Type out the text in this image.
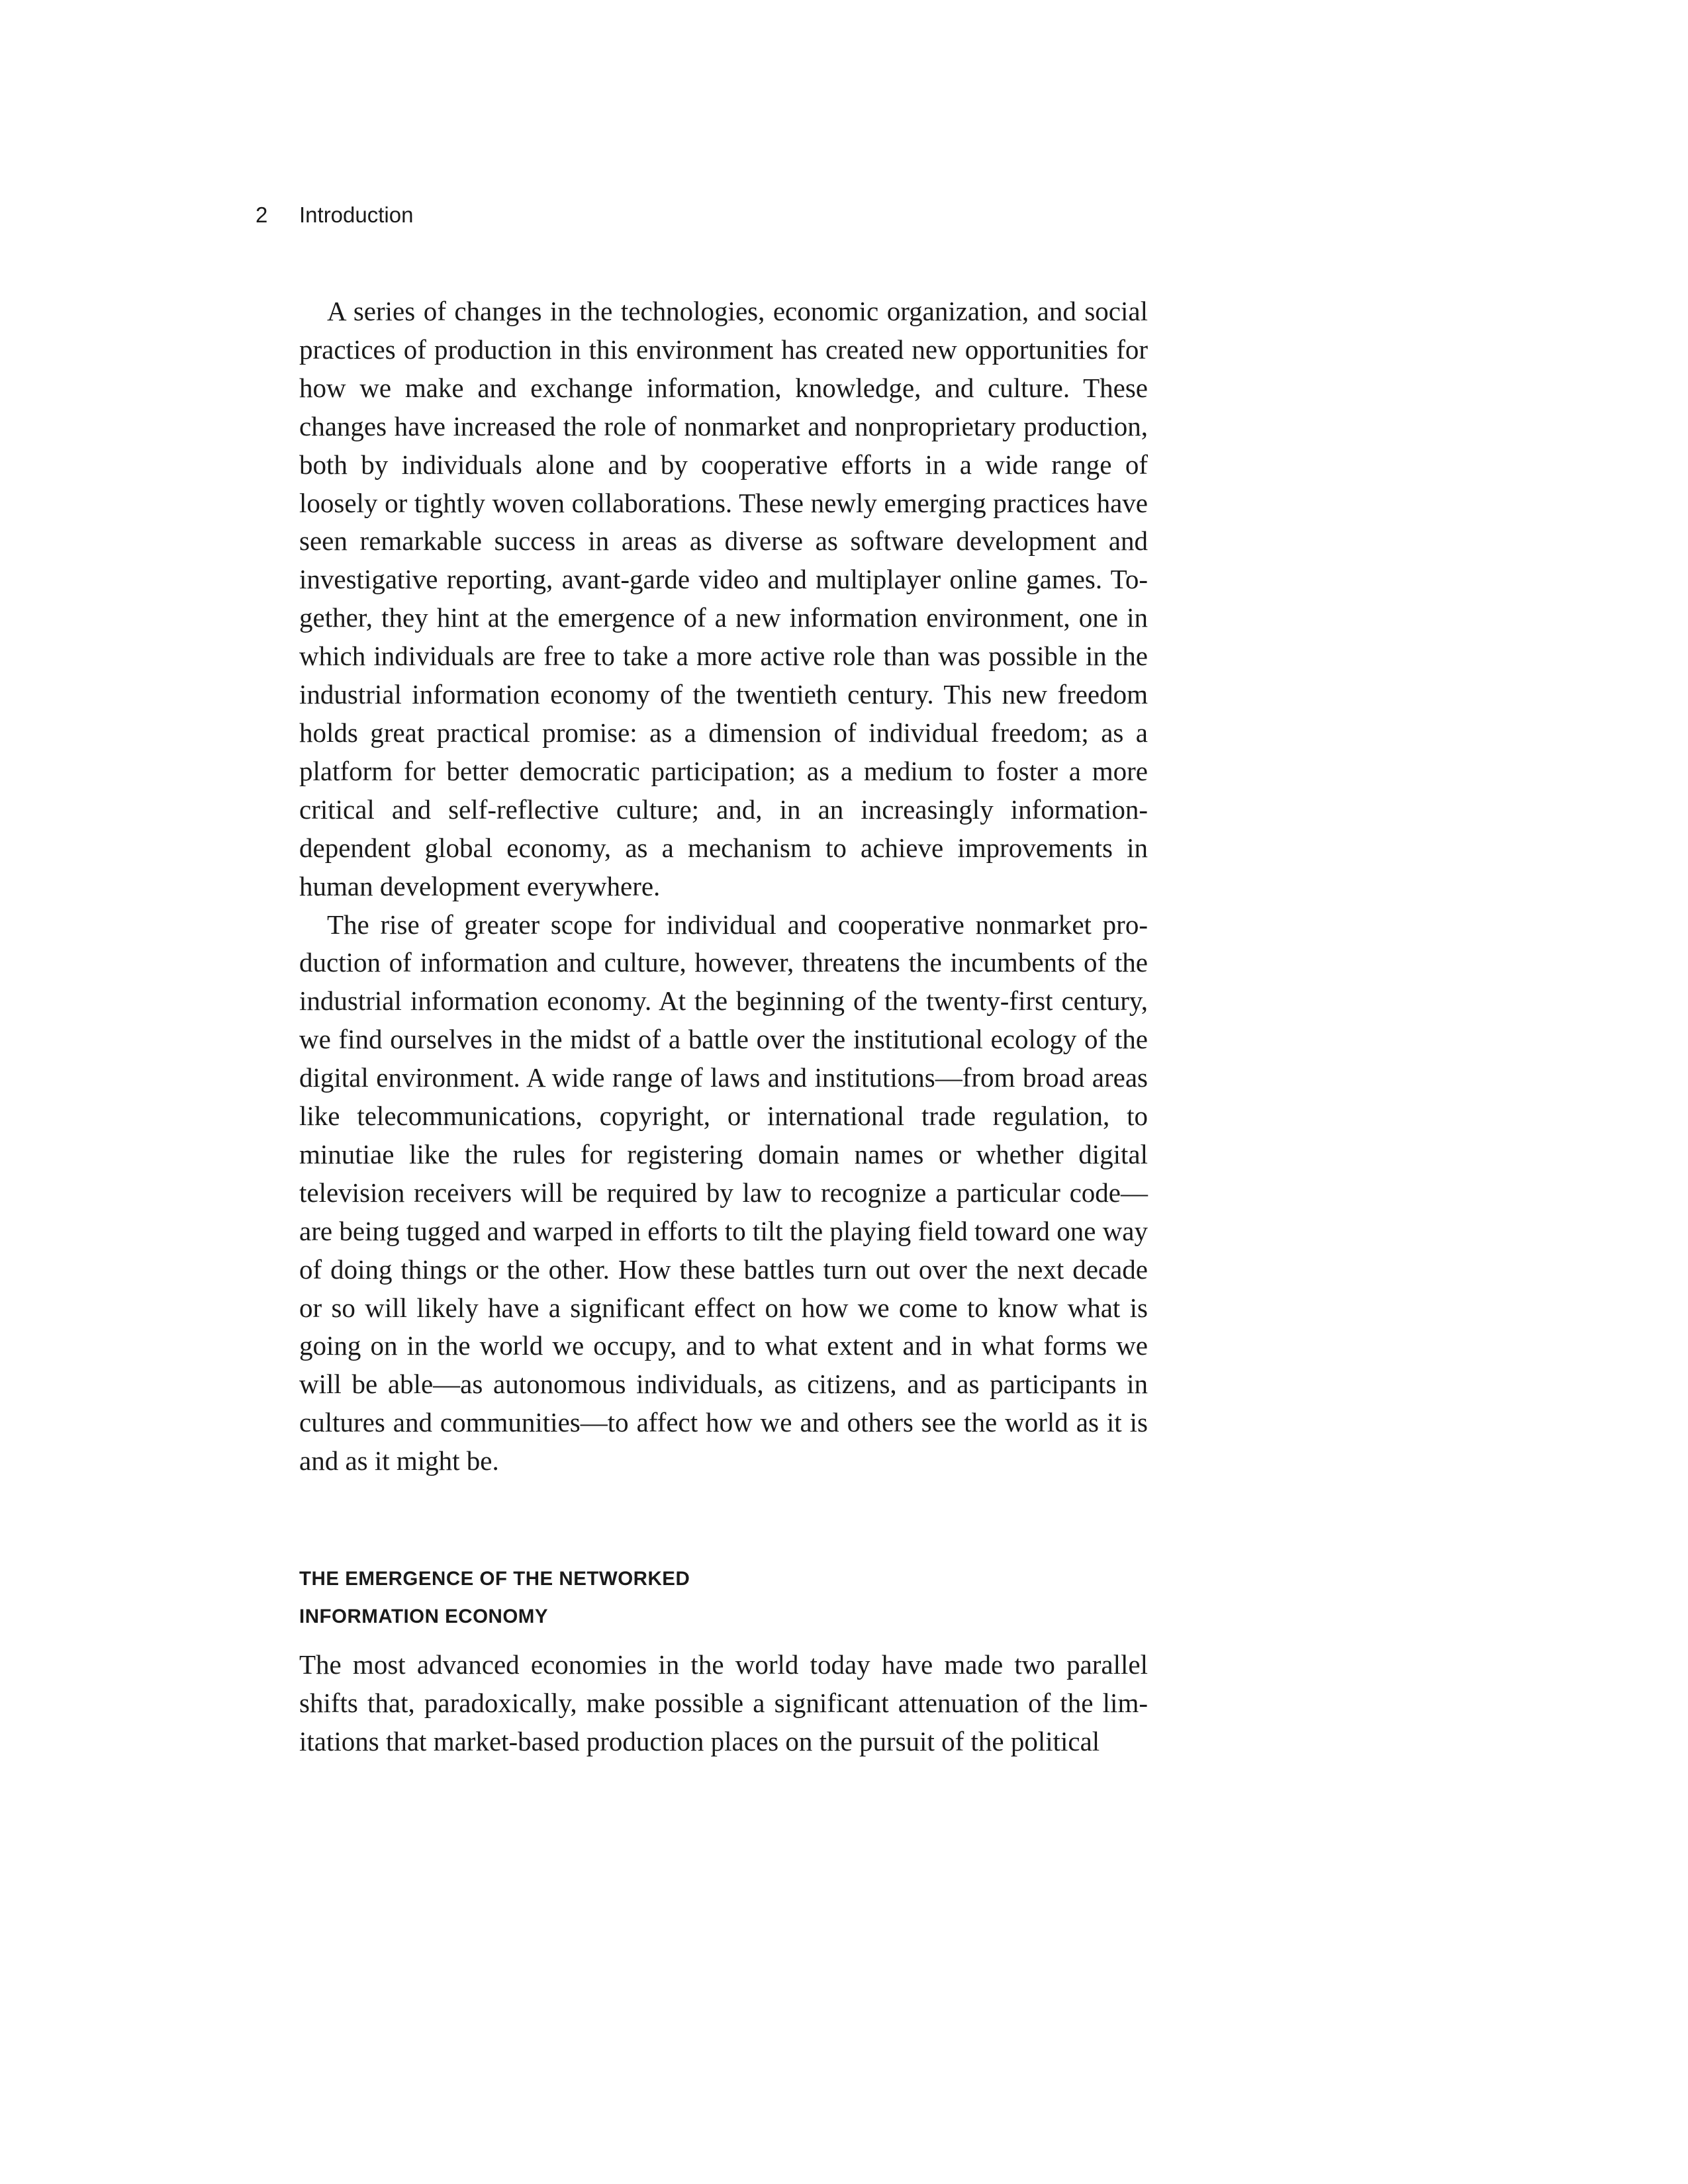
2 Introduction

A series of changes in the technologies, economic organization, and social practices of production in this environment has created new opportunities for how we make and exchange information, knowledge, and culture. These changes have increased the role of nonmarket and nonproprietary production, both by individuals alone and by cooperative efforts in a wide range of loosely or tightly woven collaborations. These newly emerging practices have seen remarkable success in areas as diverse as software development and investigative reporting, avant-garde video and multiplayer online games. Together, they hint at the emergence of a new information environment, one in which individuals are free to take a more active role than was possible in the industrial information economy of the twentieth century. This new freedom holds great practical promise: as a dimension of individual freedom; as a platform for better democratic participation; as a medium to foster a more critical and self-reflective culture; and, in an increasingly information-dependent global economy, as a mechanism to achieve improvements in human development everywhere.

The rise of greater scope for individual and cooperative nonmarket production of information and culture, however, threatens the incumbents of the industrial information economy. At the beginning of the twenty-first century, we find ourselves in the midst of a battle over the institutional ecology of the digital environment. A wide range of laws and institutions—from broad areas like telecommunications, copyright, or international trade regulation, to minutiae like the rules for registering domain names or whether digital television receivers will be required by law to recognize a particular code—are being tugged and warped in efforts to tilt the playing field toward one way of doing things or the other. How these battles turn out over the next decade or so will likely have a significant effect on how we come to know what is going on in the world we occupy, and to what extent and in what forms we will be able—as autonomous individuals, as citizens, and as participants in cultures and communities—to affect how we and others see the world as it is and as it might be.

THE EMERGENCE OF THE NETWORKED
INFORMATION ECONOMY

The most advanced economies in the world today have made two parallel shifts that, paradoxically, make possible a significant attenuation of the limitations that market-based production places on the pursuit of the political
